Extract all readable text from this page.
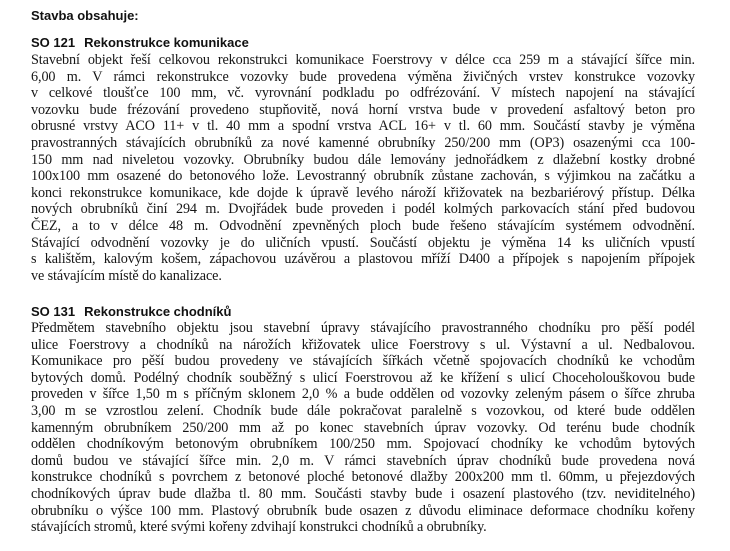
Stavba obsahuje:
SO 121 Rekonstrukce komunikace
Stavební objekt řeší celkovou rekonstrukci komunikace Foerstrovy v délce cca 259 m a stávající šířce min.
6,00 m. V rámci rekonstrukce vozovky bude provedena výměna živičných vrstev konstrukce vozovky
v celkové tloušťce 100 mm, vč. vyrovnání podkladu po odfrézování. V místech napojení na stávající
vozovku bude frézování provedeno stupňovitě, nová horní vrstva bude v provedení asfaltový beton pro
obrusné vrstvy ACO 11+ v tl. 40 mm a spodní vrstva ACL 16+ v tl. 60 mm. Součástí stavby je výměna
pravostranných stávajících obrubníků za nové kamenné obrubníky 250/200 mm (OP3) osazenými cca 100-
150 mm nad niveletou vozovky. Obrubníky budou dále lemovány jednořádkem z dlažební kostky drobné
100x100 mm osazené do betonového lože. Levostranný obrubník zůstane zachován, s výjimkou na začátku a
konci rekonstrukce komunikace, kde dojde k úpravě levého nároží křižovatek na bezbariérový přístup. Délka
nových obrubníků činí 294 m. Dvojřádek bude proveden i podél kolmých parkovacích stání před budovou
ČEZ, a to v délce 48 m. Odvodnění zpevněných ploch bude řešeno stávajícím systémem odvodnění.
Stávající odvodnění vozovky je do uličních vpustí. Součástí objektu je výměna 14 ks uličních vpustí
s kalištěm, kalovým košem, zápachovou uzávěrou a plastovou mříží D400 a přípojek s napojením přípojek
ve stávajícím místě do kanalizace.
SO 131 Rekonstrukce chodníků
Předmětem stavebního objektu jsou stavební úpravy stávajícího pravostranného chodníku pro pěší podél
ulice Foerstrovy a chodníků na nárožích křižovatek ulice Foerstrovy s ul. Výstavní a ul. Nedbalovou.
Komunikace pro pěší budou provedeny ve stávajících šířkách včetně spojovacích chodníků ke vchodům
bytových domů. Podélný chodník souběžný s ulicí Foerstrovou až ke křížení s ulicí Choceholouškovou bude
proveden v šířce 1,50 m s příčným sklonem 2,0 % a bude oddělen od vozovky zeleným pásem o šířce zhruba
3,00 m se vzrostlou zelení. Chodník bude dále pokračovat paralelně s vozovkou, od které bude oddělen
kamenným obrubníkem 250/200 mm až po konec stavebních úprav vozovky. Od terénu bude chodník
oddělen chodníkovým betonovým obrubníkem 100/250 mm. Spojovací chodníky ke vchodům bytových
domů budou ve stávající šířce min. 2,0 m. V rámci stavebních úprav chodníků bude provedena nová
konstrukce chodníků s povrchem z betonové ploché betonové dlažby 200x200 mm tl. 60mm, u přejezdových
chodníkových úprav bude dlažba tl. 80 mm. Součásti stavby bude i osazení plastového (tzv. neviditelného)
obrubníku o výšce 100 mm. Plastový obrubník bude osazen z důvodu eliminace deformace chodníku kořeny
stávajících stromů, které svými kořeny zdvihají konstrukci chodníků a obrubníky.
